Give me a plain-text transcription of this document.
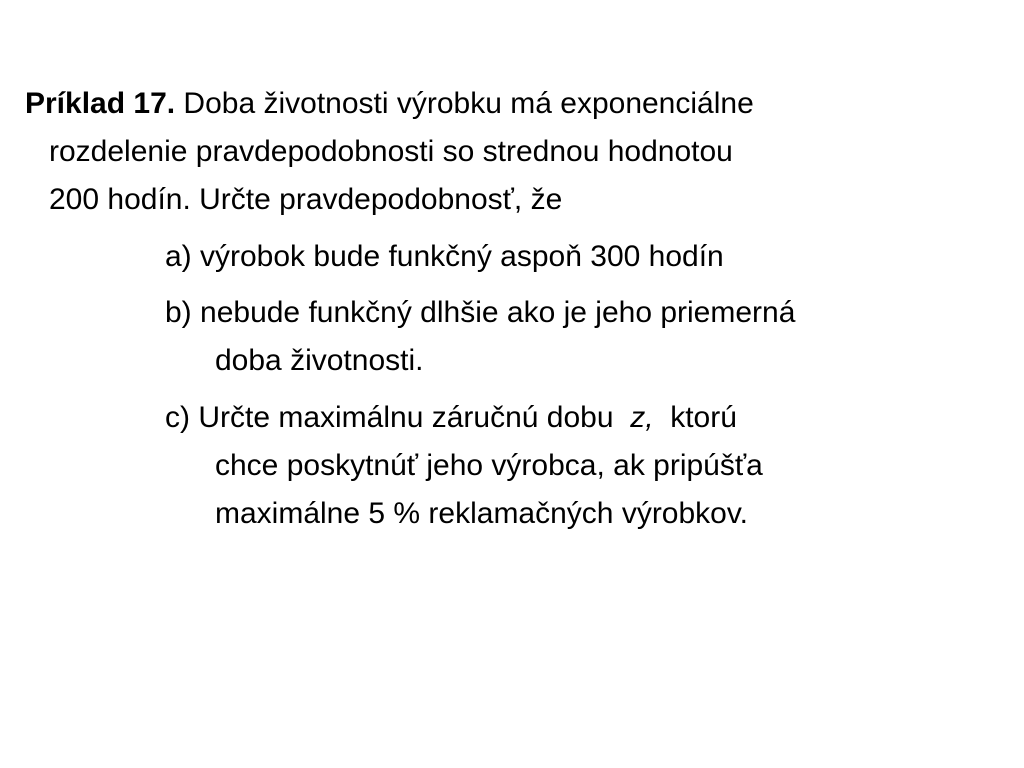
Príklad 17. Doba životnosti výrobku má exponenciálne
rozdelenie pravdepodobnosti so strednou hodnotou
200 hodín. Určte pravdepodobnosť, že
a) výrobok bude funkčný aspoň 300 hodín
b) nebude funkčný dlhšie ako je jeho priemerná
doba životnosti.
c) Určte maximálnu záručnú dobu  z,  ktorú
chce poskytnúť jeho výrobca, ak pripúšťa
maximálne 5 % reklamačných výrobkov.
